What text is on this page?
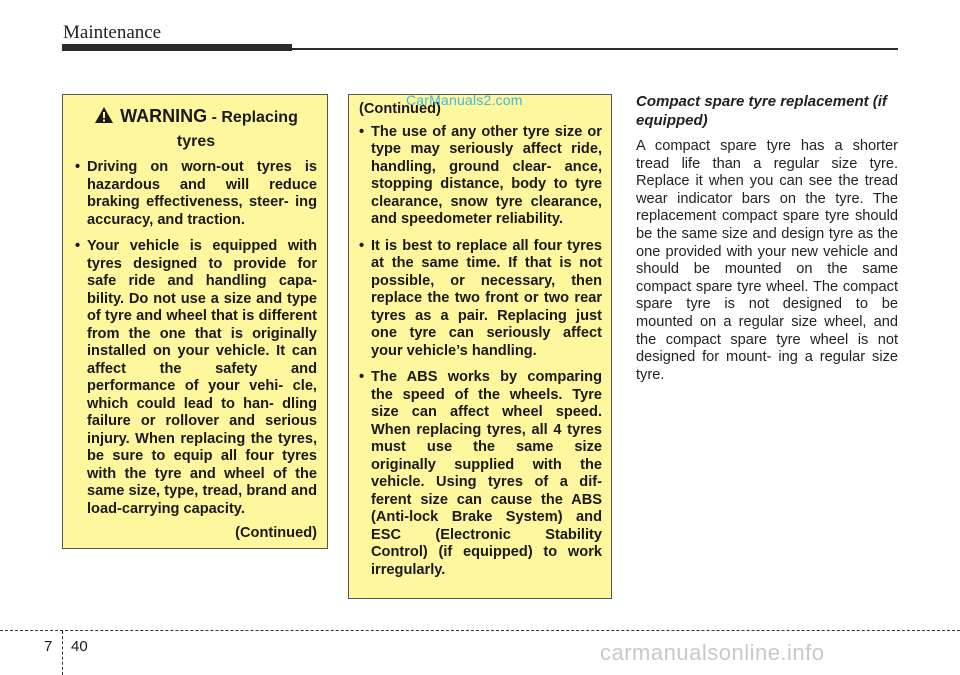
Maintenance
WARNING - Replacing
tyres
• Driving on worn-out tyres is hazardous and will reduce braking effectiveness, steer- ing accuracy, and traction.
• Your vehicle is equipped with tyres designed to provide for safe ride and handling capa- bility. Do not use a size and type of tyre and wheel that is different from the one that is originally installed on your vehicle. It can affect the safety and performance of your vehi- cle, which could lead to han- dling failure or rollover and serious injury. When replacing the tyres, be sure to equip all four tyres with the tyre and wheel of the same size, type, tread, brand and load-carrying capacity.
(Continued)
(Continued)
• The use of any other tyre size or type may seriously affect ride, handling, ground clear- ance, stopping distance, body to tyre clearance, snow tyre clearance, and speedometer reliability.
• It is best to replace all four tyres at the same time. If that is not possible, or necessary, then replace the two front or two rear tyres as a pair. Replacing just one tyre can seriously affect your vehicle’s handling.
• The ABS works by comparing the speed of the wheels. Tyre size can affect wheel speed. When replacing tyres, all 4 tyres must use the same size originally supplied with the vehicle. Using tyres of a dif- ferent size can cause the ABS (Anti-lock Brake System) and ESC (Electronic Stability Control) (if equipped) to work irregularly.
CarManuals2.com	Compact spare tyre replacement (if equipped)
A compact spare tyre has a shorter tread life than a regular size tyre. Replace it when you can see the tread wear indicator bars on the tyre. The replacement compact spare tyre should be the same size and design tyre as the one provided with your new vehicle and should be mounted on the same compact spare tyre wheel. The compact spare tyre is not designed to be mounted on a regular size wheel, and the compact spare tyre wheel is not designed for mount- ing a regular size tyre.
7 40	carmanualsonline.info
